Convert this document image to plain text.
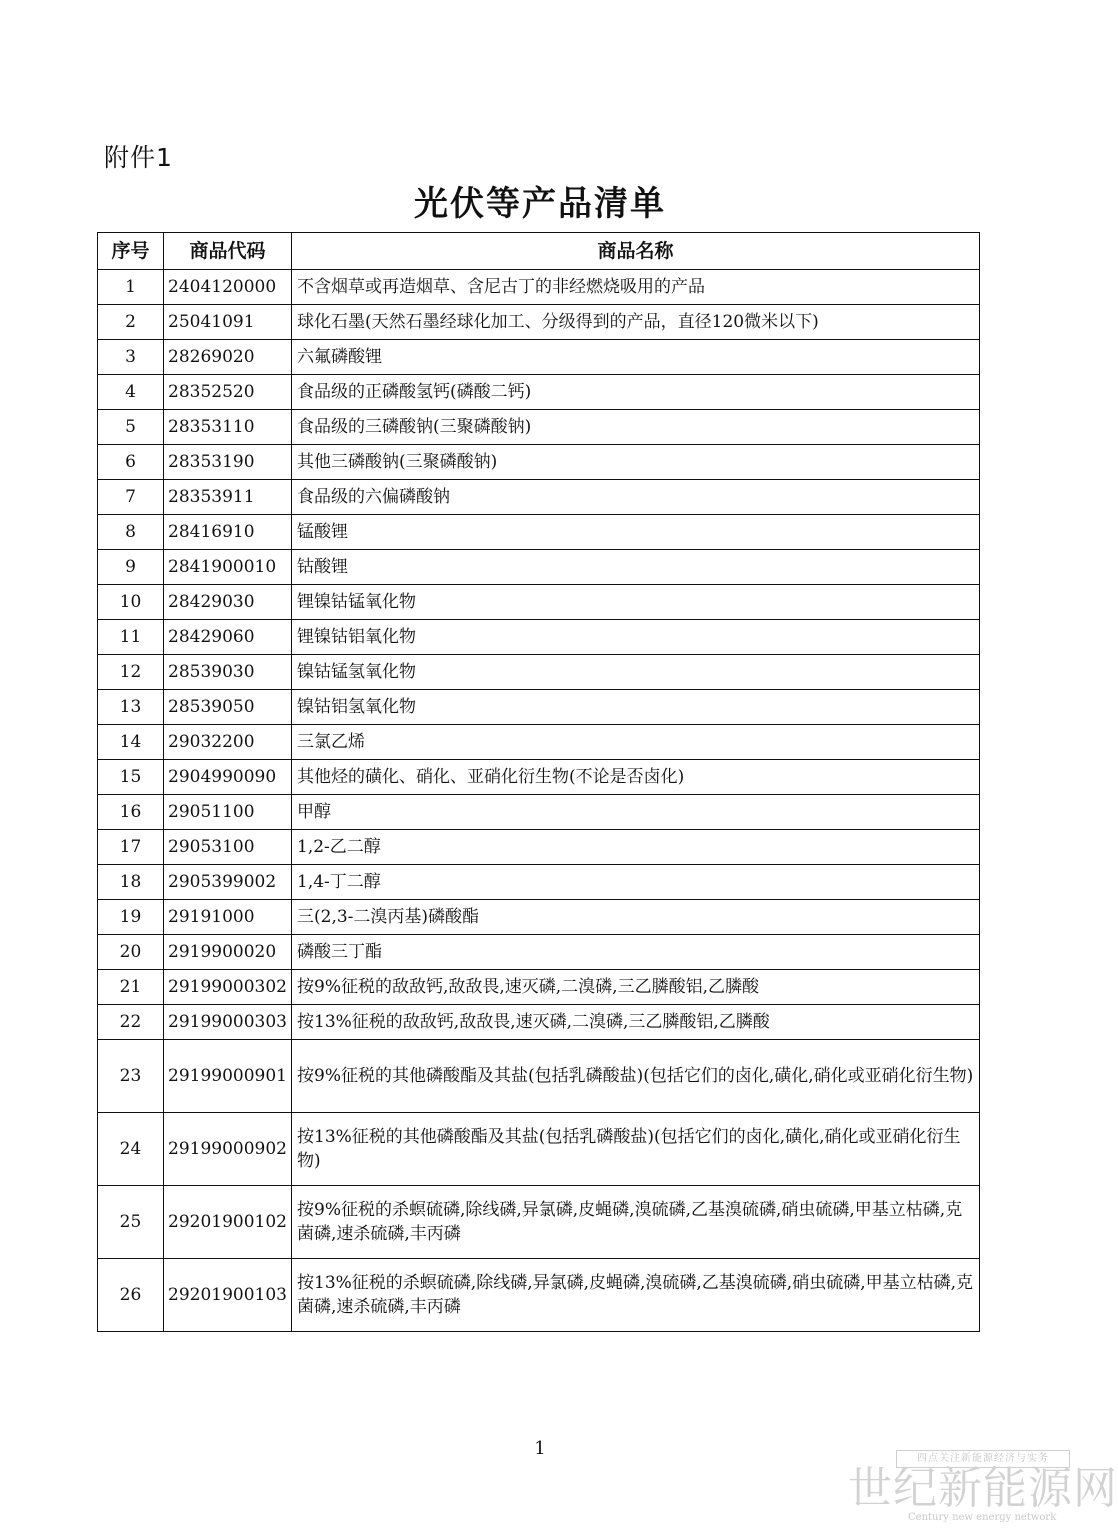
附件1
光伏等产品清单
序号	商品代码	商品名称
1	2404120000	不含烟草或再造烟草、含尼古丁的非经燃烧吸用的产品
2	25041091	球化石墨(天然石墨经球化加工、分级得到的产品，直径120微米以下)
3	28269020	六氟磷酸锂
4	28352520	食品级的正磷酸氢钙(磷酸二钙)
5	28353110	食品级的三磷酸钠(三聚磷酸钠)
6	28353190	其他三磷酸钠(三聚磷酸钠)
7	28353911	食品级的六偏磷酸钠
8	28416910	锰酸锂
9	2841900010	钴酸锂
10	28429030	锂镍钴锰氧化物
11	28429060	锂镍钴铝氧化物
12	28539030	镍钴锰氢氧化物
13	28539050	镍钴铝氢氧化物
14	29032200	三氯乙烯
15	2904990090	其他烃的磺化、硝化、亚硝化衍生物(不论是否卤化)
16	29051100	甲醇
17	29053100	1,2-乙二醇
18	2905399002	1,4-丁二醇
19	29191000	三(2,3-二溴丙基)磷酸酯
20	2919900020	磷酸三丁酯
21	29199000302	按9%征税的敌敌钙,敌敌畏,速灭磷,二溴磷,三乙膦酸铝,乙膦酸
22	29199000303	按13%征税的敌敌钙,敌敌畏,速灭磷,二溴磷,三乙膦酸铝,乙膦酸
23	29199000901	按9%征税的其他磷酸酯及其盐(包括乳磷酸盐)(包括它们的卤化,磺化,硝化或亚硝化衍生物)
24	29199000902	按13%征税的其他磷酸酯及其盐(包括乳磷酸盐)(包括它们的卤化,磺化,硝化或亚硝化衍生物)
25	29201900102	按9%征税的杀螟硫磷,除线磷,异氯磷,皮蝇磷,溴硫磷,乙基溴硫磷,硝虫硫磷,甲基立枯磷,克菌磷,速杀硫磷,丰丙磷
26	29201900103	按13%征税的杀螟硫磷,除线磷,异氯磷,皮蝇磷,溴硫磷,乙基溴硫磷,硝虫硫磷,甲基立枯磷,克菌磷,速杀硫磷,丰丙磷
1	四点关注新能源经济与实务
世纪新能源网
Century new energy network
